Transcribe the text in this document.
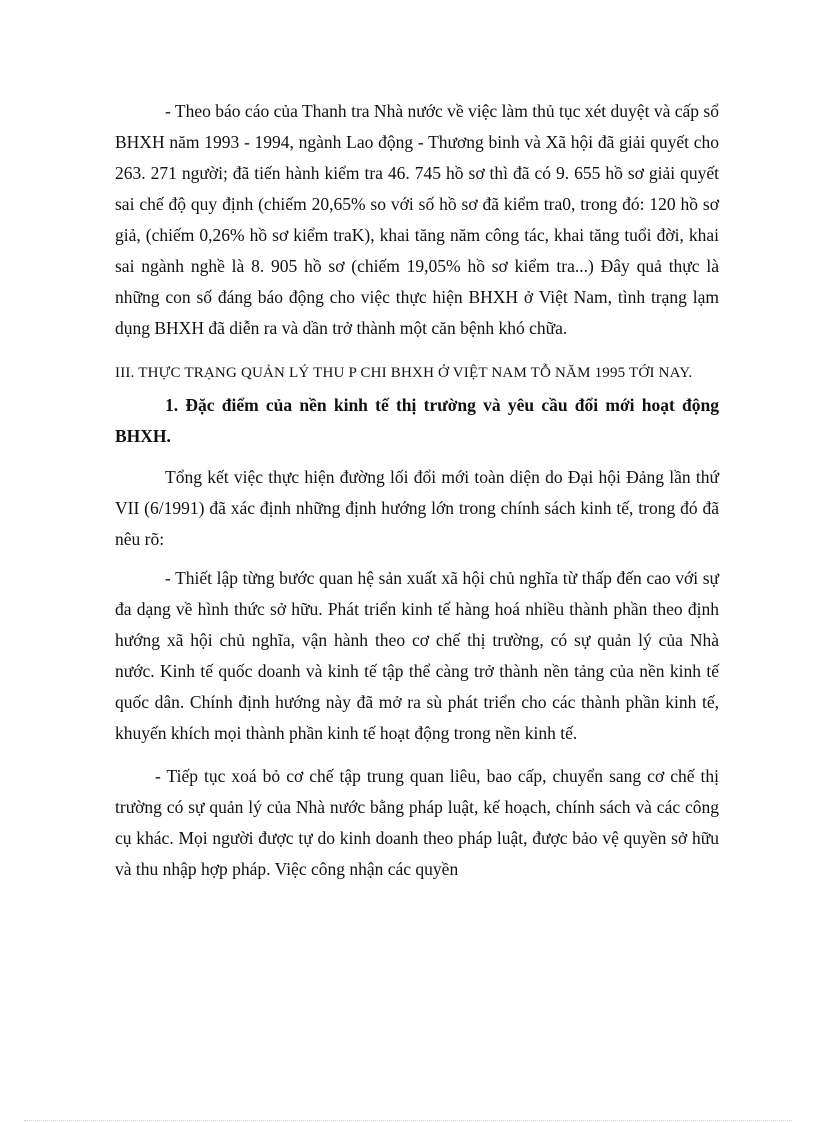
- Theo báo cáo của Thanh tra Nhà nước về việc làm thủ tục xét duyệt và cấp sổ BHXH năm 1993 - 1994, ngành Lao động - Thương binh và Xã hội đã giải quyết cho 263. 271 người; đã tiến hành kiểm tra 46. 745 hồ sơ thì đã có 9. 655 hồ sơ giải quyết sai chế độ quy định (chiếm 20,65% so với số hồ sơ đã kiểm tra0, trong đó: 120 hồ sơ giả, (chiếm 0,26% hồ sơ kiểm traK), khai tăng năm công tác, khai tăng tuổi đời, khai sai ngành nghề là 8. 905 hồ sơ (chiếm 19,05% hồ sơ kiểm tra...) Đây quả thực là những con số đáng báo động cho việc thực hiện BHXH ở Việt Nam, tình trạng lạm dụng BHXH đã diễn ra và dần trở thành một căn bệnh khó chữa.

III. THỰC TRẠNG QUẢN LÝ THU P CHI BHXH Ở VIỆT NAM TỖ NĂM 1995 TỚI NAY.

1. Đặc điểm của nền kinh tế thị trường và yêu cầu đổi mới hoạt động BHXH.

Tổng kết việc thực hiện đường lối đổi mới toàn diện do Đại hội Đảng lần thứ VII (6/1991) đã xác định những định hướng lớn trong chính sách kinh tế, trong đó đã nêu rõ:

- Thiết lập từng bước quan hệ sản xuất xã hội chủ nghĩa từ thấp đến cao với sự đa dạng về hình thức sở hữu. Phát triển kinh tế hàng hoá nhiều thành phần theo định hướng xã hội chủ nghĩa, vận hành theo cơ chế thị trường, có sự quản lý của Nhà nước. Kinh tế quốc doanh và kinh tế tập thể càng trở thành nền tảng của nền kinh tế quốc dân. Chính định hướng này đã mở ra sù phát triển cho các thành phần kinh tế, khuyến khích mọi thành phần kinh tế hoạt động trong nền kinh tế.

- Tiếp tục xoá bỏ cơ chế tập trung quan liêu, bao cấp, chuyển sang cơ chế thị trường có sự quản lý của Nhà nước bằng pháp luật, kế hoạch, chính sách và các công cụ khác. Mọi người được tự do kinh doanh theo pháp luật, được bảo vệ quyền sở hữu và thu nhập hợp pháp. Việc công nhận các quyền
